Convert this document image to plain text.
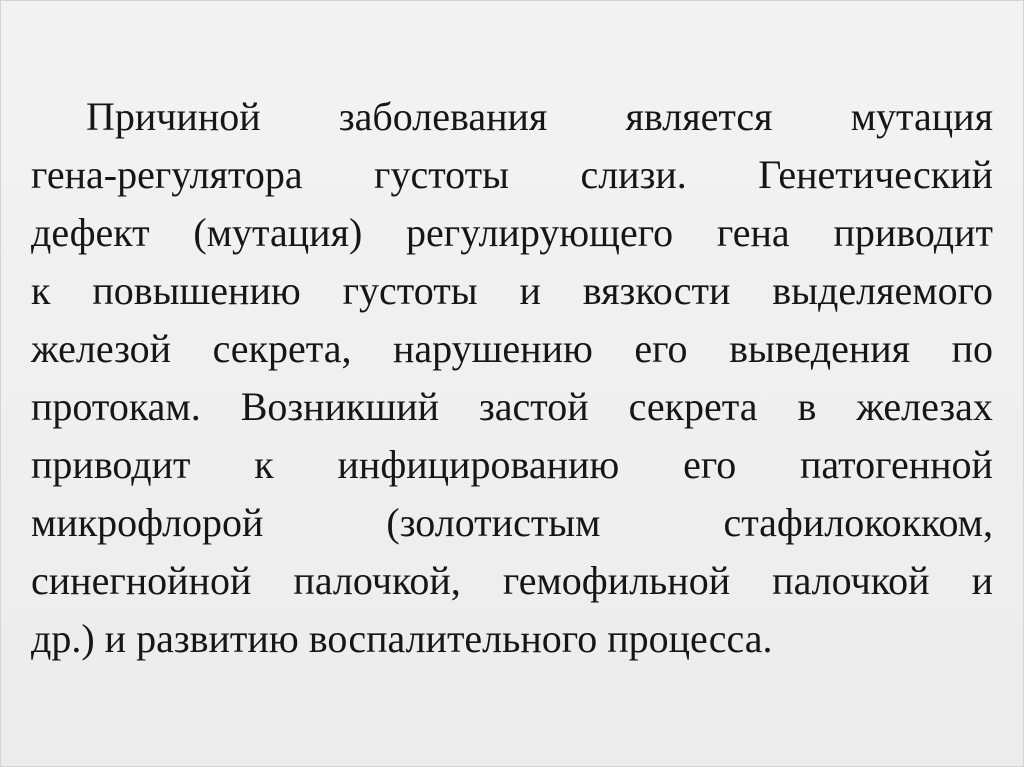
Причиной заболевания является мутация
гена-регулятора густоты слизи. Генетический
дефект (мутация) регулирующего гена приводит
к повышению густоты и вязкости выделяемого
железой секрета, нарушению его выведения по
протокам. Возникший застой секрета в железах
приводит к инфицированию его патогенной
микрофлорой	(золотистым	стафилококком,
синегнойной палочкой, гемофильной палочкой и
др.) и развитию воспалительного процесса.
